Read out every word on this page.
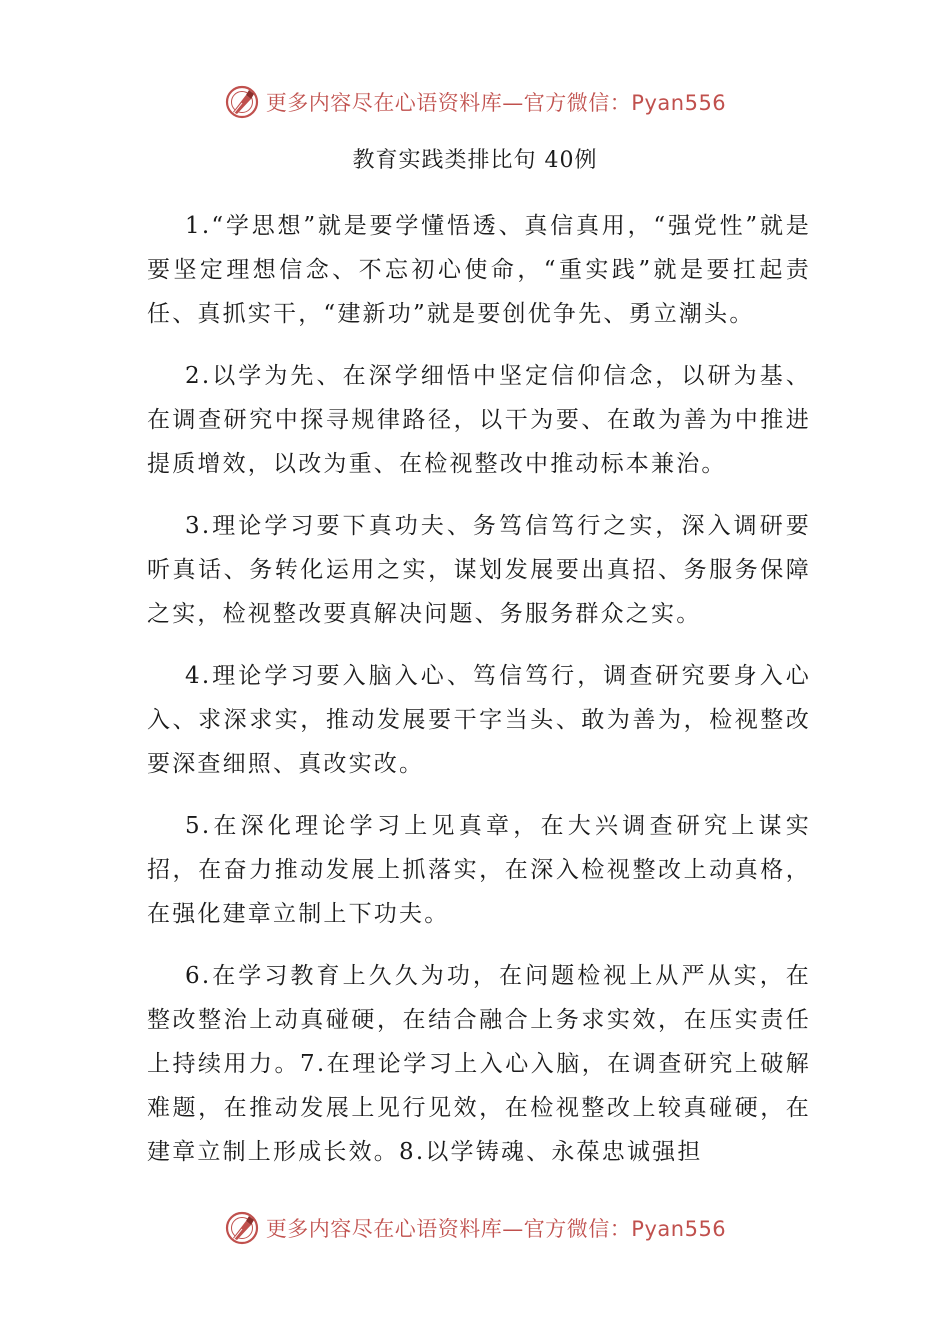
更多内容尽在心语资料库—官方微信：Pyan556
教育实践类排比句 40例

1.“学思想”就是要学懂悟透、真信真用，“强党性”就是要坚定理想信念、不忘初心使命，“重实践”就是要扛起责任、真抓实干，“建新功”就是要创优争先、勇立潮头。

2.以学为先、在深学细悟中坚定信仰信念，以研为基、在调查研究中探寻规律路径，以干为要、在敢为善为中推进提质增效，以改为重、在检视整改中推动标本兼治。

3.理论学习要下真功夫、务笃信笃行之实，深入调研要听真话、务转化运用之实，谋划发展要出真招、务服务保障之实，检视整改要真解决问题、务服务群众之实。

4.理论学习要入脑入心、笃信笃行，调查研究要身入心入、求深求实，推动发展要干字当头、敢为善为，检视整改要深查细照、真改实改。

5.在深化理论学习上见真章，在大兴调查研究上谋实招，在奋力推动发展上抓落实，在深入检视整改上动真格，在强化建章立制上下功夫。

6.在学习教育上久久为功，在问题检视上从严从实，在整改整治上动真碰硬，在结合融合上务求实效，在压实责任上持续用力。7.在理论学习上入心入脑，在调查研究上破解难题，在推动发展上见行见效，在检视整改上较真碰硬，在建章立制上形成长效。8.以学铸魂、永葆忠诚强担

更多内容尽在心语资料库—官方微信：Pyan556
